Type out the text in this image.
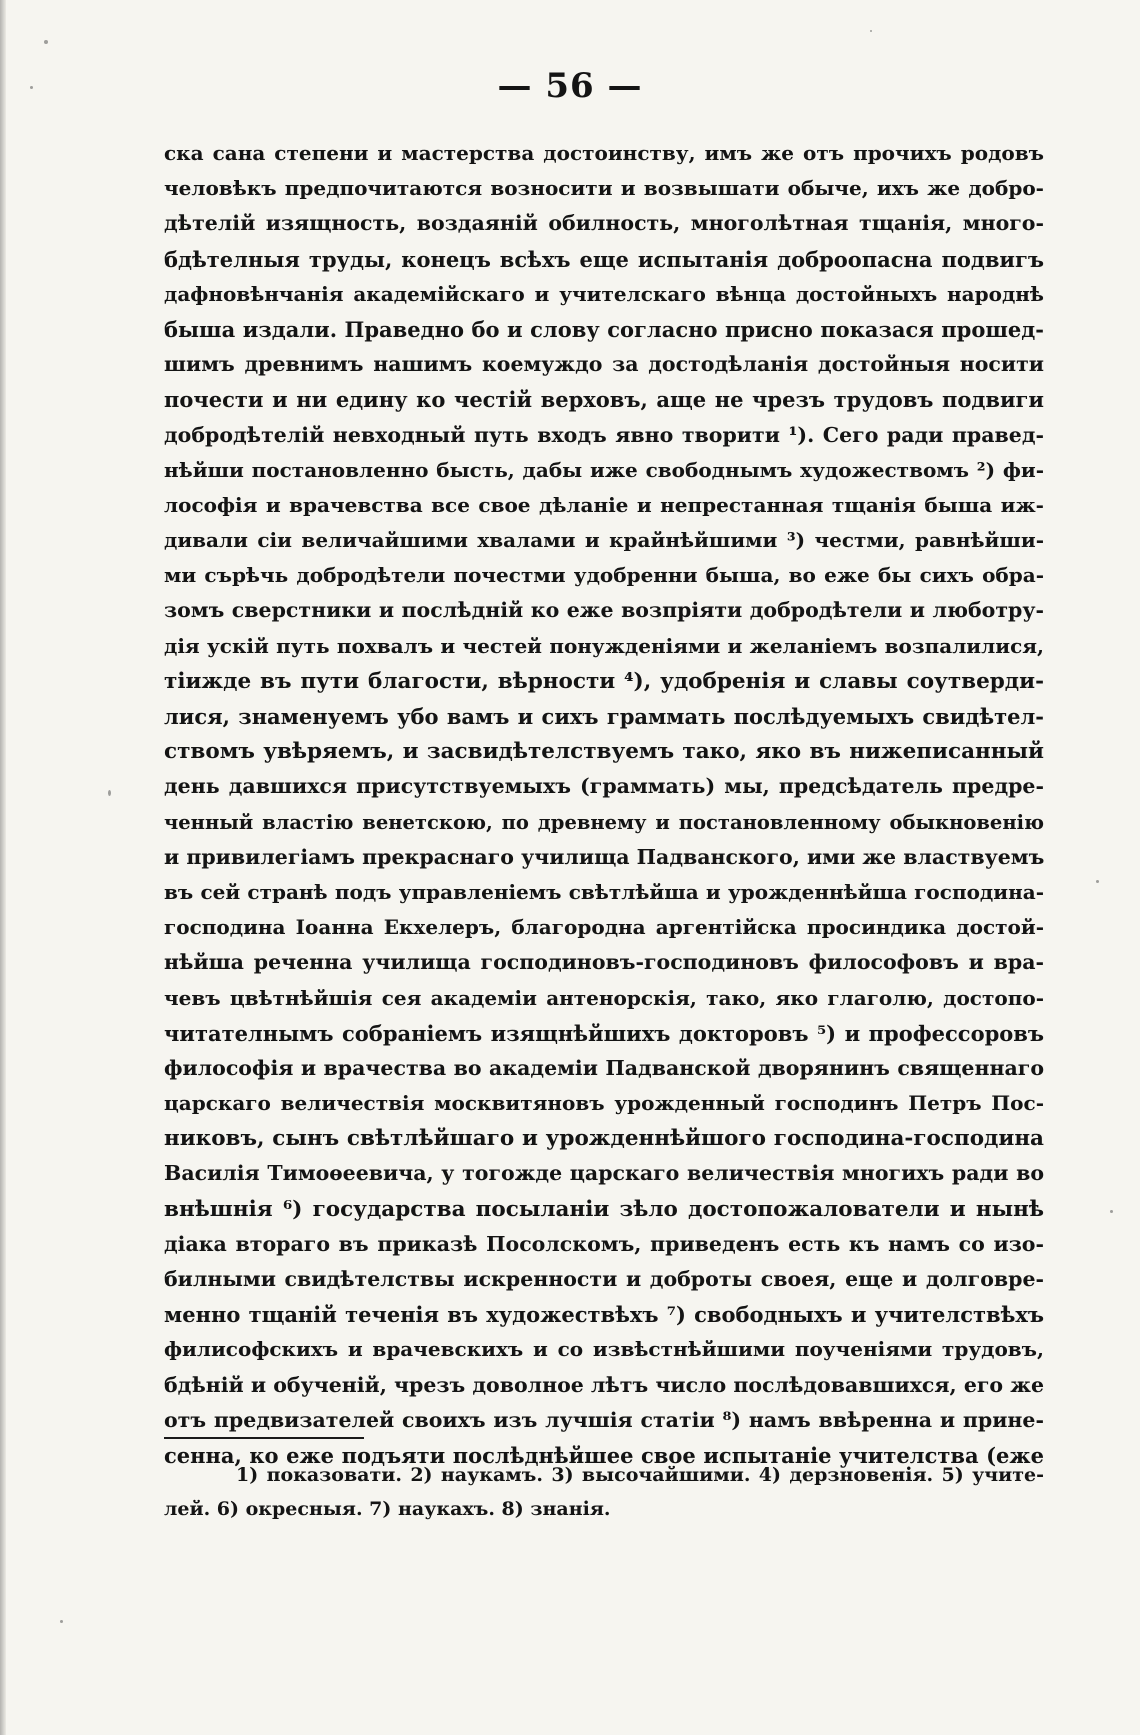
— 56 —
ска сана степени и мастерства достоинству, имъ же отъ прочихъ родовъ
человѣкъ предпочитаются возносити и возвышати обыче, ихъ же добро-
дѣтелій изящность, воздаяній обилность, многолѣтная тщанія, много-
бдѣтелныя труды, конецъ всѣхъ еще испытанія доброопасна подвигъ
дафновѣнчанія академійскаго и учителскаго вѣнца достойныхъ народнѣ
быша издали. Праведно бо и слову согласно присно показася прошед-
шимъ древнимъ нашимъ коемуждо за достодѣланія достойныя носити
почести и ни едину ко честій верховъ, аще не чрезъ трудовъ подвиги
добродѣтелій невходный путь входъ явно творити ¹). Сего ради правед-
нѣйши постановленно бысть, дабы иже свободнымъ художествомъ ²) фи-
лософія и врачевства все свое дѣланіе и непрестанная тщанія быша иж-
дивали сіи величайшими хвалами и крайнѣйшими ³) честми, равнѣйши-
ми сърѣчь добродѣтели почестми удобренни быша, во еже бы сихъ обра-
зомъ сверстники и послѣдній ко еже возпріяти добродѣтели и люботру-
дія ускій путь похвалъ и честей понужденіями и желаніемъ возпалилися,
тіижде въ пути благости, вѣрности ⁴), удобренія и славы соутверди-
лися, знаменуемъ убо вамъ и сихъ граммать послѣдуемыхъ свидѣтел-
ствомъ увѣряемъ, и засвидѣтелствуемъ тако, яко въ нижеписанный
день давшихся присутствуемыхъ (граммать) мы, предсѣдатель предре-
ченный властію венетскою, по древнему и постановленному обыкновенію
и привилегіамъ прекраснаго училища Падванского, ими же властвуемъ
въ сей странѣ подъ управленіемъ свѣтлѣйша и урожденнѣйша господина-
господина Іоанна Екхелеръ, благородна аргентійска просиндика достой-
нѣйша реченна училища господиновъ-господиновъ философовъ и вра-
чевъ цвѣтнѣйшія сея академіи антенорскія, тако, яко глаголю, достопо-
читателнымъ собраніемъ изящнѣйшихъ докторовъ ⁵) и профессоровъ
философія и врачества во академіи Падванской дворянинъ священнаго
царскаго величествія москвитяновъ урожденный господинъ Петръ Пос-
никовъ, сынъ свѣтлѣйшаго и урожденнѣйшого господина-господина
Василія Тимоѳеевича, у тогожде царскаго величествія многихъ ради во
внѣшнія ⁶) государства посыланіи зѣло достопожалователи и нынѣ
діака втораго въ приказѣ Посолскомъ, приведенъ есть къ намъ со изо-
билными свидѣтелствы искренности и доброты своея, еще и долговре-
менно тщаній теченія въ художествѣхъ ⁷) свободныхъ и учителствѣхъ
филисофскихъ и врачевскихъ и со извѣстнѣйшими поученіями трудовъ,
бдѣній и обученій, чрезъ доволное лѣтъ число послѣдовавшихся, его же
отъ предвизателей своихъ изъ лучшія статіи ⁸) намъ ввѣренна и прине-
сенна, ко еже подъяти послѣднѣйшее свое испытаніе учителства (еже
1) показовати. 2) наукамъ. 3) высочайшими. 4) дерзновенія. 5) учите-
лей. 6) окресныя. 7) наукахъ. 8) знанія.
